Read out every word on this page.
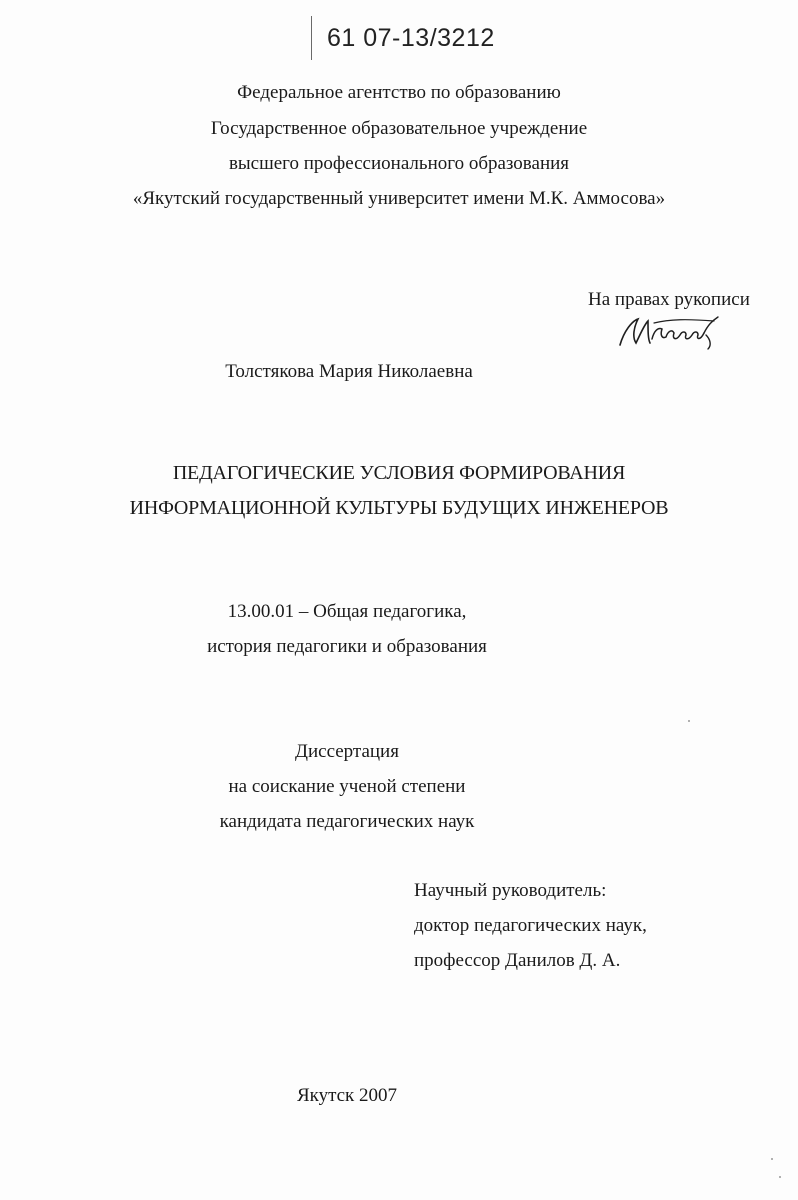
61 07-13/3212
Федеральное агентство по образованию
Государственное образовательное учреждение
высшего профессионального образования
«Якутский государственный университет имени М.К. Аммосова»
На правах рукописи
Толстякова Мария Николаевна
ПЕДАГОГИЧЕСКИЕ УСЛОВИЯ ФОРМИРОВАНИЯ
ИНФОРМАЦИОННОЙ КУЛЬТУРЫ БУДУЩИХ ИНЖЕНЕРОВ
13.00.01 – Общая педагогика,
история педагогики и образования
Диссертация
на соискание ученой степени
кандидата педагогических наук
Научный руководитель:
доктор педагогических наук,
профессор Данилов Д. А.
Якутск 2007
